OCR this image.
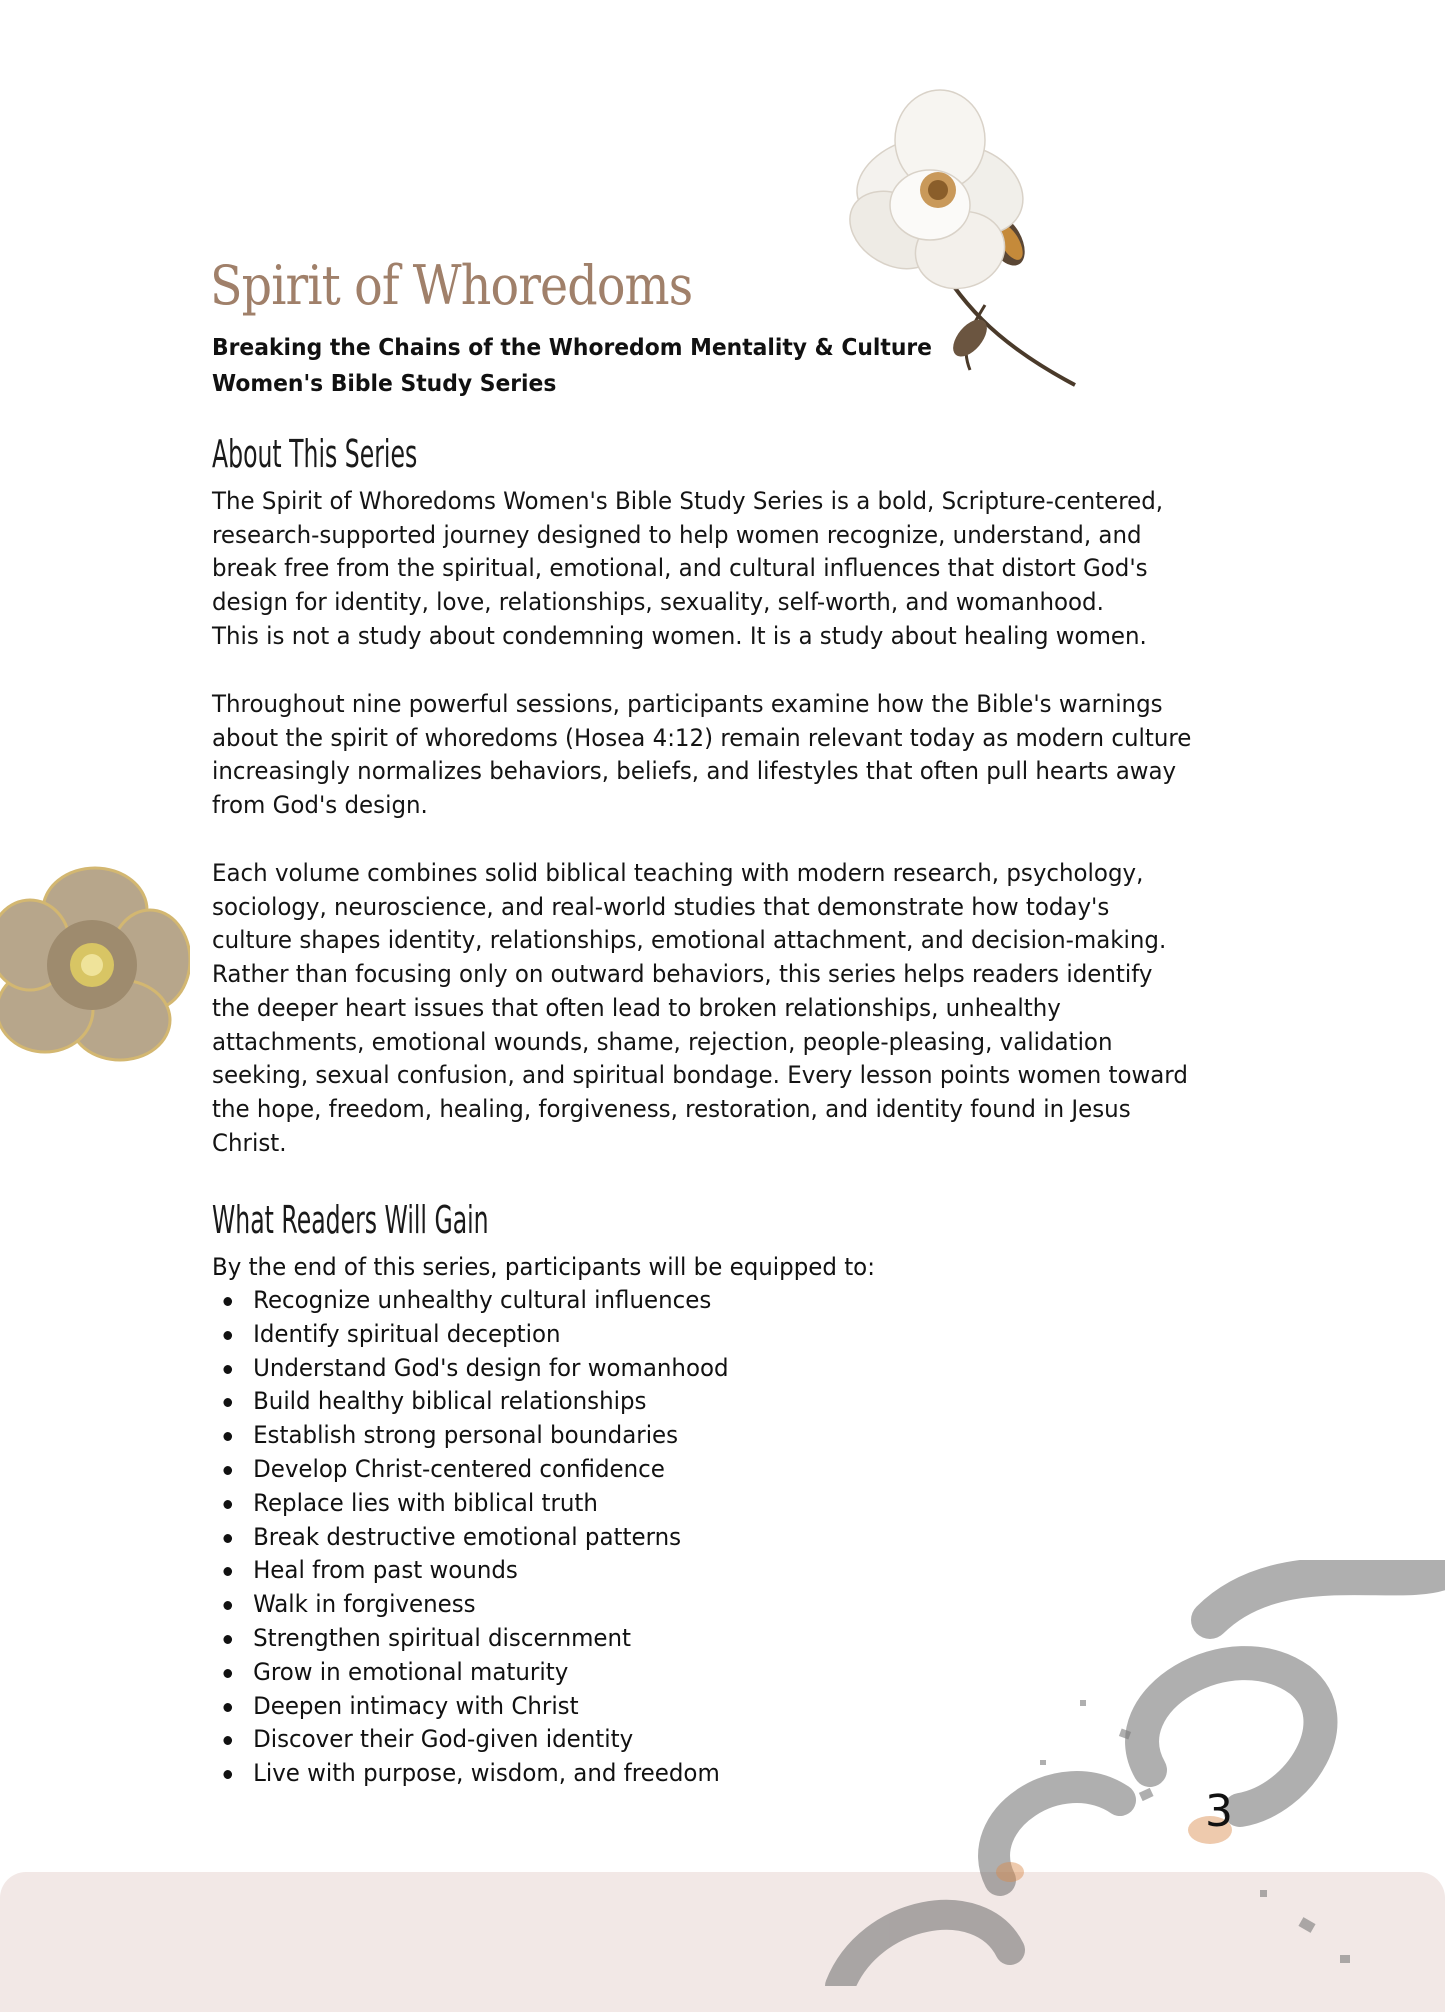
Spirit of Whoredoms
Breaking the Chains of the Whoredom Mentality & Culture
Women's Bible Study Series
About This Series

The Spirit of Whoredoms Women's Bible Study Series is a bold, Scripture-centered,
research-supported journey designed to help women recognize, understand, and
break free from the spiritual, emotional, and cultural influences that distort God's
design for identity, love, relationships, sexuality, self-worth, and womanhood.
This is not a study about condemning women. It is a study about healing women.

Throughout nine powerful sessions, participants examine how the Bible's warnings
about the spirit of whoredoms (Hosea 4:12) remain relevant today as modern culture
increasingly normalizes behaviors, beliefs, and lifestyles that often pull hearts away
from God's design.

Each volume combines solid biblical teaching with modern research, psychology,
sociology, neuroscience, and real-world studies that demonstrate how today's
culture shapes identity, relationships, emotional attachment, and decision-making.
Rather than focusing only on outward behaviors, this series helps readers identify
the deeper heart issues that often lead to broken relationships, unhealthy
attachments, emotional wounds, shame, rejection, people-pleasing, validation
seeking, sexual confusion, and spiritual bondage. Every lesson points women toward
the hope, freedom, healing, forgiveness, restoration, and identity found in Jesus
Christ.

What Readers Will Gain
By the end of this series, participants will be equipped to:
Recognize unhealthy cultural influences
Identify spiritual deception
Understand God's design for womanhood
Build healthy biblical relationships
Establish strong personal boundaries
Develop Christ-centered confidence
Replace lies with biblical truth
Break destructive emotional patterns
Heal from past wounds
Walk in forgiveness
Strengthen spiritual discernment
Grow in emotional maturity
Deepen intimacy with Christ
Discover their God-given identity
Live with purpose, wisdom, and freedom
3
